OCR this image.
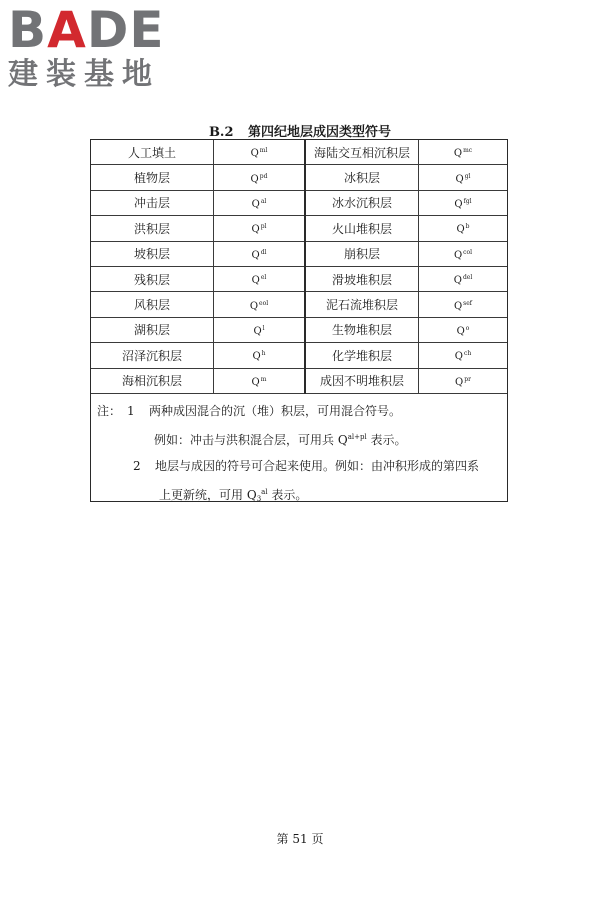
BADE
建装基地
B.2 第四纪地层成因类型符号
人工填土	$Q^{ml}$	海陆交互相沉积层	$Q^{mc}$
植物层	$Q^{pd}$	冰积层	$Q^{gl}$
冲击层	$Q^{al}$	冰水沉积层	$Q^{fgl}$
洪积层	$Q^{pl}$	火山堆积层	$Q^b$
坡积层	$Q^{dl}$	崩积层	$Q^{col}$
残积层	$Q^{el}$	滑坡堆积层	$Q^{del}$
风积层	$Q^{eol}$	泥石流堆积层	$Q^{sef}$
湖积层	$Q^l$	生物堆积层	$Q^o$
沼泽沉积层	$Q^h$	化学堆积层	$Q^{ch}$
海相沉积层	$Q^m$	成因不明堆积层	$Q^{pr}$
注： 1 两种成因混合的沉（堆）积层，可用混合符号。
例如：冲击与洪积混合层，可用兵 $Q^{al+pl}$ 表示。
2 地层与成因的符号可合起来使用。例如：由冲积形成的第四系
上更新统，可用 $Q_3^{al}$ 表示。
第 51 页
